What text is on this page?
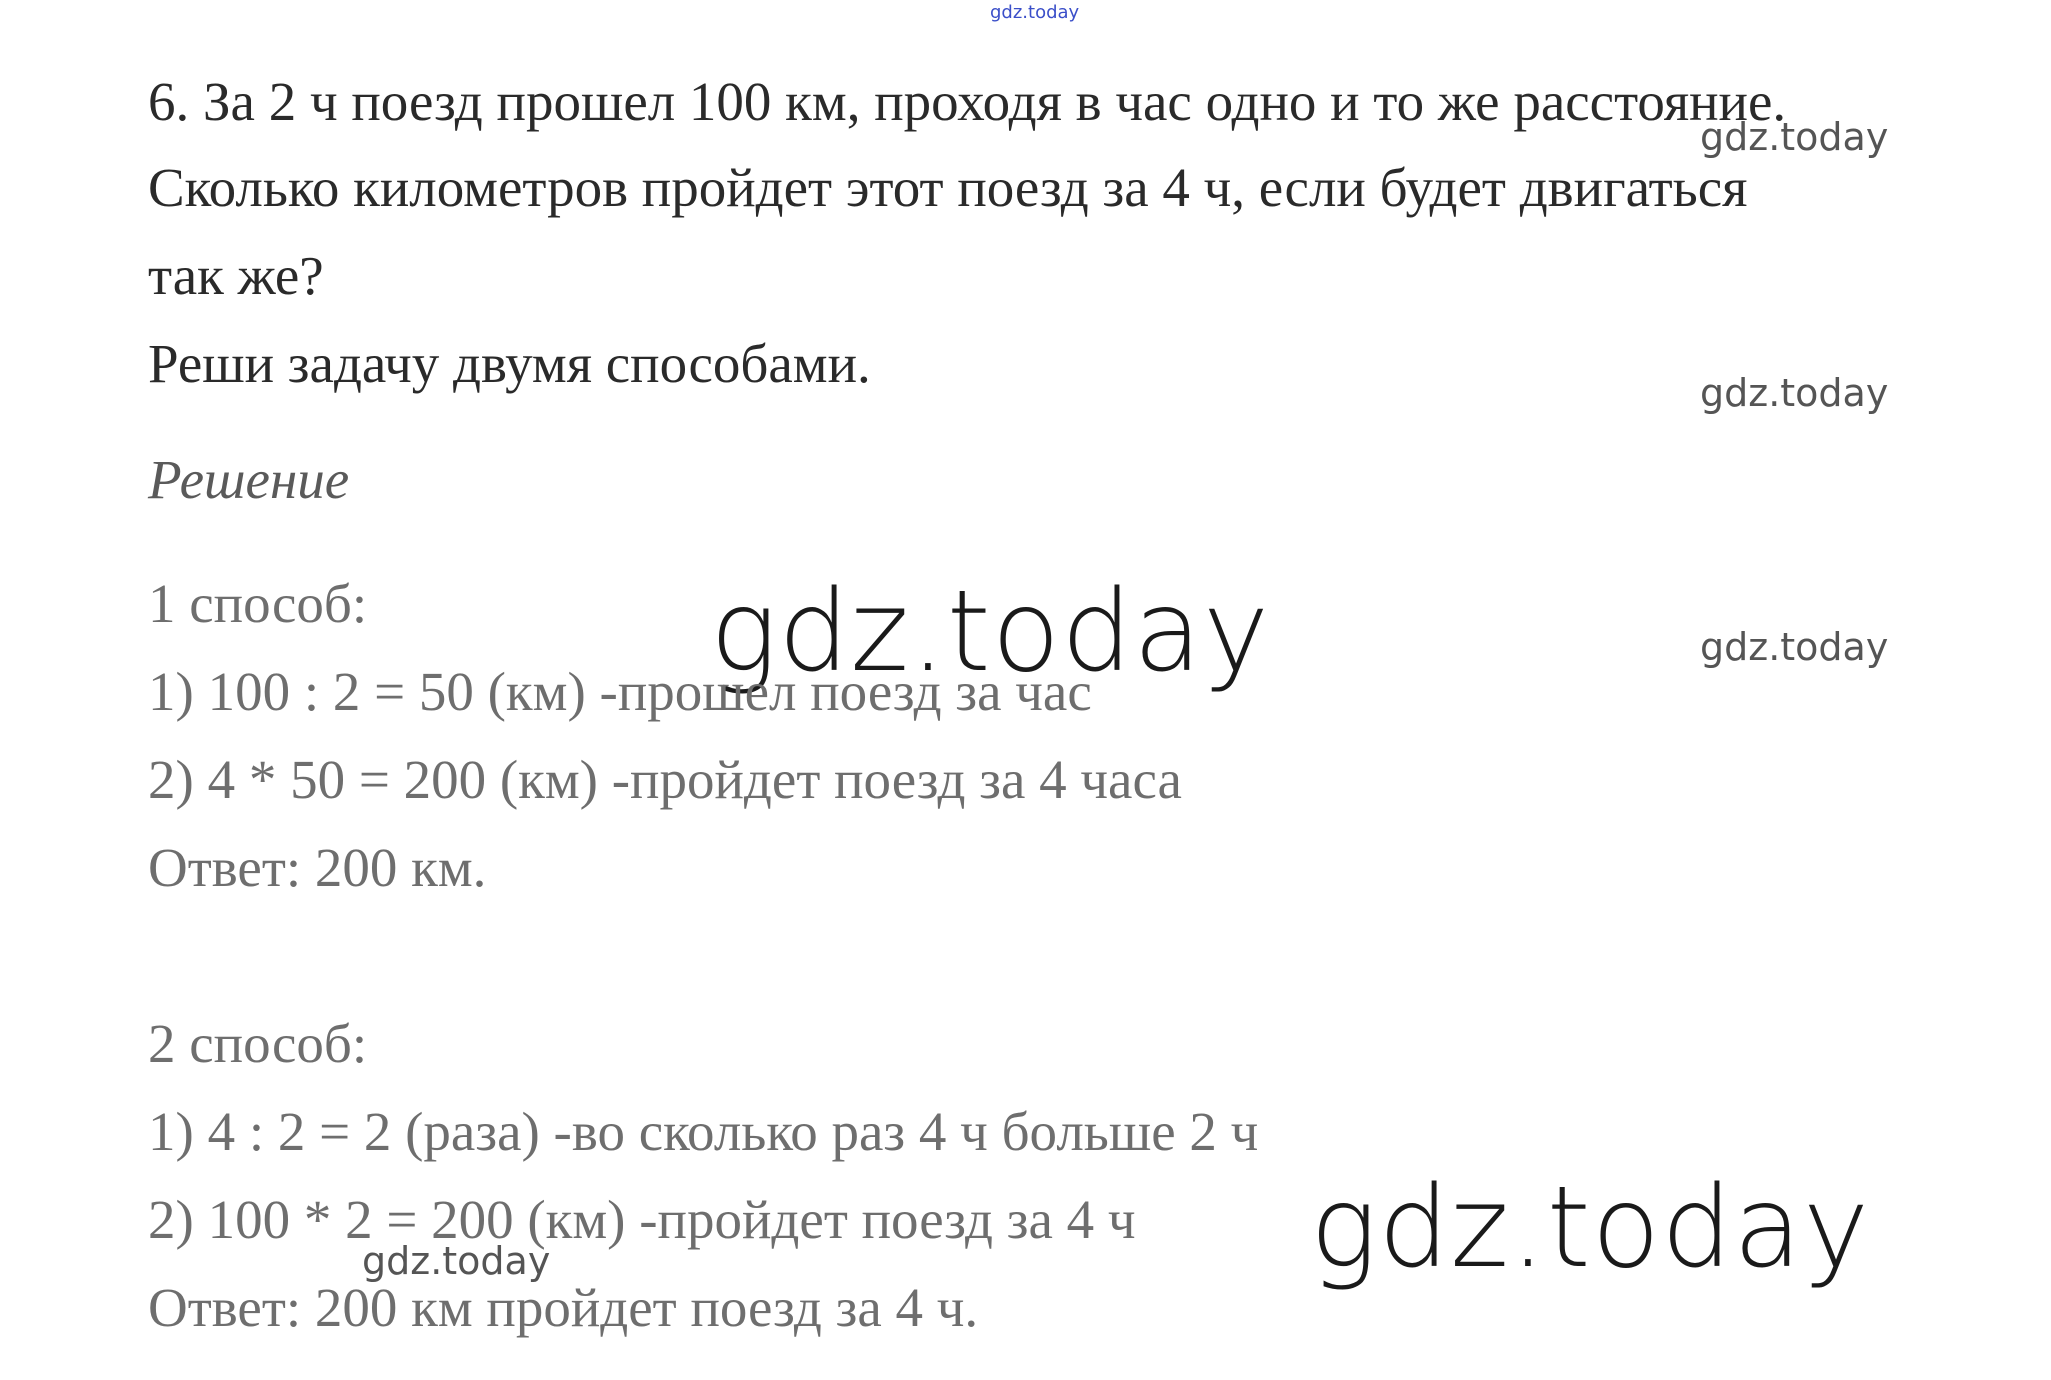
gdz.today
gdz.today
gdz.today
gdz.today
gdz.today
gdz.today
gdz.today
6. За 2 ч поезд прошел 100 км, проходя в час одно и то же расстояние.
Сколько километров пройдет этот поезд за 4 ч, если будет двигаться
так же?
Реши задачу двумя способами.
Решение
1 способ:
1) 100 : 2 = 50 (км) -прошел поезд за час
2) 4 * 50 = 200 (км) -пройдет поезд за 4 часа
Ответ: 200 км.
2 способ:
1) 4 : 2 = 2 (раза) -во сколько раз 4 ч больше 2 ч
2) 100 * 2 = 200 (км) -пройдет поезд за 4 ч
Ответ: 200 км пройдет поезд за 4 ч.
